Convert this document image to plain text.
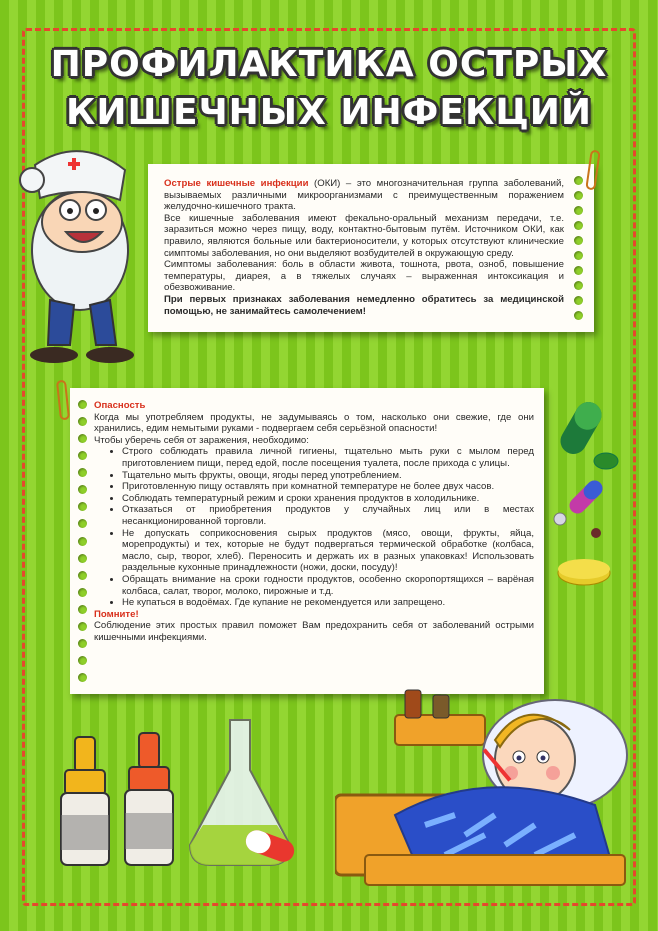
ПРОФИЛАКТИКА ОСТРЫХ
КИШЕЧНЫХ ИНФЕКЦИЙ

Острые кишечные инфекции (ОКИ) – это многозначительная группа заболеваний, вызываемых различными микроорганизмами с преимущественным поражением желудочно-кишечного тракта.

Все кишечные заболевания имеют фекально-оральный механизм передачи, т.е. заразиться можно через пищу, воду, контактно-бытовым путём. Источником ОКИ, как правило, являются больные или бактерионосители, у которых отсутствуют клинические симптомы заболевания, но они выделяют возбудителей в окружающую среду.

Симптомы заболевания: боль в области живота, тошнота, рвота, озноб, повышение температуры, диарея, а в тяжелых случаях – выраженная интоксикация и обезвоживание.

При первых признаках заболевания немедленно обратитесь за медицинской помощью, не занимайтесь самолечением!

Опасность

Когда мы употребляем продукты, не задумываясь о том, насколько они свежие, где они хранились, едим немытыми руками - подвергаем себя серьёзной опасности!

Чтобы уберечь себя от заражения, необходимо:

• Строго соблюдать правила личной гигиены, тщательно мыть руки с мылом перед приготовлением пищи, перед едой, после посещения туалета, после прихода с улицы.
• Тщательно мыть фрукты, овощи, ягоды перед употреблением.
• Приготовленную пищу оставлять при комнатной температуре не более двух часов.
• Соблюдать температурный режим и сроки хранения продуктов в холодильнике.
• Отказаться от приобретения продуктов у случайных лиц или в местах несанкционированной торговли.
• Не допускать соприкосновения сырых продуктов (мясо, овощи, фрукты, яйца, морепродукты) и тех, которые не будут подвергаться термической обработке (колбаса, масло, сыр, творог, хлеб). Переносить и держать их в разных упаковках! Использовать раздельные кухонные принадлежности (ножи, доски, посуду)!
• Обращать внимание на сроки годности продуктов, особенно скоропортящихся – варёная колбаса, салат, творог, молоко, пирожные и т.д.
• Не купаться в водоёмах. Где купание не рекомендуется или запрещено.

Помните!

Соблюдение этих простых правил поможет Вам предохранить себя от заболеваний острыми кишечными инфекциями.
